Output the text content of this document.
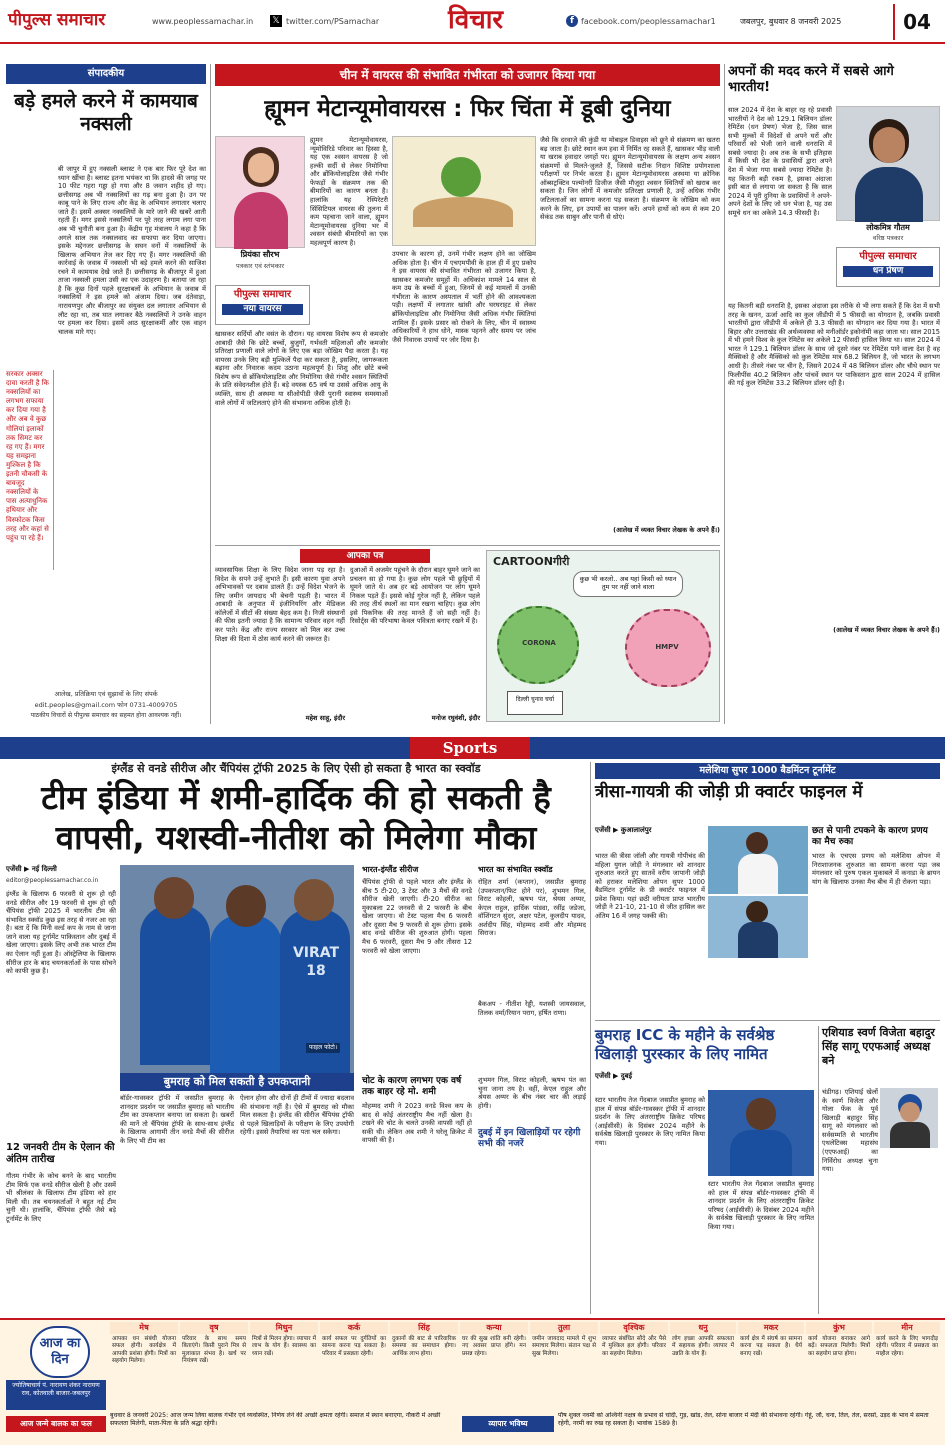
पीपुल्स समाचार	www.peoplessamachar.in 𝕏 twitter.com/PSamachar	विचार	f facebook.com/peoplessamachar1	जबलपुर, बुधवार 8 जनवरी 2025	04
संपादकीय
बड़े हमले करने में कामयाब नक्सली
बी जापुर में हुए नक्सली ब्लास्ट ने एक बार फिर पूरे देश का ध्यान खींचा है। ब्लास्ट इतना भयंकर था कि हादसे की जगह पर 10 फीट गहरा गड्ढा हो गया और 8 जवान शहीद हो गए। छत्तीसगढ़ अब भी नक्सलियों का गढ़ बना हुआ है। उन पर काबू पाने के लिए राज्य और केंद्र के अभियान लगातार चलाए जाते हैं। इसमें अक्सर नक्सलियों के मारे जाने की खबरें आती रहती हैं। मगर इससे नक्सलियों पर पूरे तरह लगाम लगा पाना अब भी चुनौती बना हुआ है। केंद्रीय गृह मंत्रालय ने कहा है कि अगले साल तक नक्सलवाद का सफाया कर दिया जाएगा। इसके मद्देनजर छत्तीसगढ़ के सघन वनों में नक्सलियों के खिलाफ अभियान तेज कर दिए गए हैं। मगर नक्सलियों की कार्रवाई के जवाब में नक्सली भी बड़े हमले करने की साजिश रचने में कामयाब देखे जाते हैं। छत्तीसगढ़ के बीजापुर में हुआ ताजा नक्सली हमला उसी का एक उदाहरण है। बताया जा रहा है कि कुछ दिनों पहले सुरक्षाबलों के अभियान के जवाब में नक्सलियों ने इस हमले को अंजाम दिया। जब दंतेवाड़ा, नारायणपुर और बीजापुर का संयुक्त दल लगातार अभियान से लौट रहा था, तब घात लगाकर बैठे नक्सलियों ने उनके वाहन पर हमला कर दिया। इसमें आठ सुरक्षाकर्मी और एक वाहन चालक मारे गए।
सरकार अक्सर दावा करती है कि नक्सलियों का लगभग सफाया कर दिया गया है और अब वे कुछ गोलियां इलाकों तक सिमट कर रह गए हैं। मगर यह समझना मुश्किल है कि इतनी चौकसी के बावजूद नक्सलियों के पास अत्याधुनिक हथियार और विस्फोटक किस तरह और कहां से पहुंच पा रहे हैं।
आलेख, प्रतिक्रिया एवं सुझावों के लिए संपर्क
edit.peoples@gmail.com फोन 0731-4009705
पाठकीय विचारों से पीपुल्स समाचार का सहमत होना आवश्यक नहीं।
चीन में वायरस की संभावित गंभीरता को उजागर किया गया
ह्यूमन मेटान्यूमोवायरस : फिर चिंता में डूबी दुनिया
प्रियंका सौरभ
पत्रकार एवं स्तंभकार
ह्यूमन मेटान्यूमोवायरस, न्यूमोविरिडे परिवार का हिस्सा है, यह एक श्वसन वायरस है जो हल्की सर्दी से लेकर निमोनिया और ब्रोंकियोलाइटिस जैसे गंभीर फेफड़ों के संक्रमण तक की बीमारियों का कारण बनता है। हालांकि यह रेस्पिरेटरी सिंसिटियल वायरस की तुलना में कम पहचाना जाने वाला, ह्यूमन मेटान्यूमोवायरस दुनिया भर में श्वसन संबंधी बीमारियों का एक महत्वपूर्ण कारण है।
पीपुल्स समाचार
नया वायरस
खासकर सर्दियों और वसंत के दौरान। यह वायरस विशेष रूप से कमजोर आबादी जैसे कि छोटे बच्चों, बुजुर्गों, गर्भवती महिलाओं और कमजोर प्रतिरक्षा प्रणाली वाले लोगों के लिए एक बड़ा जोखिम पैदा करता है। यह वायरस उनके लिए बड़ी मुश्किलें पैदा कर सकता है, इसलिए, जागरूकता बढ़ाना और निवारक कदम उठाना महत्वपूर्ण है। शिशु और छोटे बच्चे विशेष रूप से ब्रोंकियोलाइटिस और निमोनिया जैसे गंभीर श्वसन स्थितियों के प्रति संवेदनशील होते हैं। बड़े वयस्क 65 वर्ष या उससे अधिक आयु के व्यक्ति, साथ ही अस्थमा या सीओपीडी जैसी पुरानी स्वास्थ्य समस्याओं वाले लोगों में जटिलताएं होने की संभावना अधिक होती है।
उपचार के कारण हो, उनमें गंभीर लक्षण होने का जोखिम अधिक होता है। चीन में एचएमपीवी के हाल ही में हुए प्रकोप ने इस वायरस की संभावित गंभीरता को उजागर किया है, खासकर कमजोर समूहों में। अधिकांश मामले 14 साल से कम उम्र के बच्चों में हुआ, जिनमें से कई मामलों में उनकी गंभीरता के कारण अस्पताल में भर्ती होने की आवश्यकता पड़ी। लक्षणों में लगातार खांसी और घरघराहट से लेकर ब्रोंकियोलाइटिस और निमोनिया जैसी अधिक गंभीर स्थितियां शामिल हैं। इसके प्रसार को रोकने के लिए, चीन में स्वास्थ्य अधिकारियों ने हाथ धोने, मास्क पहनने और समय पर जांच जैसे निवारक उपायों पर जोर दिया है।
जैसे कि दरवाजे की कुंडी या मोबाइल डिवाइस को छूने से संक्रमण का खतरा बढ़ जाता है। छोटे स्थान कम हवा में निर्मित रह सकते हैं, खासकर भीड़ वाली या खराब हवादार जगहों पर। ह्यूमन मेटान्यूमोवायरस के लक्षण अन्य श्वसन संक्रमणों से मिलते-जुलते हैं, जिससे सटीक निदान विशिष्ट प्रयोगशाला परीक्षणों पर निर्भर करता है। ह्यूमन मेटान्यूमोवायरस अस्थमा या क्रोनिक ऑब्सट्रक्टिव पल्मोनरी डिजीज जैसी मौजूदा श्वसन स्थितियों को खराब कर सकता है। जिन लोगों में कमजोर प्रतिरक्षा प्रणाली है, उन्हें अधिक गंभीर जटिलताओं का सामना करना पड़ सकता है। संक्रमण के जोखिम को कम करने के लिए, इन उपायों का पालन करें। अपने हाथों को कम से कम 20 सेकंड तक साबुन और पानी से धोएं।
(आलेख में व्यक्त विचार लेखक के अपने हैं।)
अपनों की मदद करने में सबसे आगे भारतीय!
साल 2024 में देश के बाहर रह रहे प्रवासी भारतीयों ने देश को 129.1 बिलियन डॉलर रेमिटेंस (धन प्रेषण) भेजा है, जिस साल सभी मुल्कों में विदेशों से अपने घरों और परिवारों को भेजी जाने वाली धनराशि में सबसे ज्यादा है। अब तक के सभी इतिहास में किसी भी देश के प्रवासियों द्वारा अपने देश में भेजा गया सबसे ज्यादा रेमिटेंस है। यह कितनी बड़ी रकम है, इसका अंदाजा इसी बात से लगाया जा सकता है कि साल 2024 में पूरी दुनिया के प्रवासियों ने अपने-अपने देशों के लिए जो धन भेजा है, यह उस समूचे धन का अकेले 14.3 फीसदी है।
लोकमित्र गौतम
वरिष्ठ पत्रकार
पीपुल्स समाचार
धन प्रेषण
यह कितनी बड़ी धनराशि है, इसका अंदाजा इस तरीके से भी लगा सकते हैं कि देश में सभी तरह के खनन, ऊर्जा आदि का कुल जीडीपी में 5 फीसदी का योगदान है, जबकि प्रवासी भारतीयों द्वारा जीडीपी में अकेले ही 3.3 फीसदी का योगदान कर दिया गया है। भारत में बिहार और उत्तराखंड की अर्थव्यवस्था को मनीऑर्डर इकोनॉमी कहा जाता था। साल 2015 में भी हमने विश्व के कुल रेमिटेंस का अकेले 12 फीसदी हासिल किया था। साल 2024 में भारत ने 129.1 बिलियन डॉलर के साथ जो दूसरे नंबर पर रेमिटेंस पाने वाला देश है वह मैक्सिको है और मैक्सिको को कुल रेमिटेंस मात्र 68.2 बिलियन है, जो भारत के लगभग आधी है। तीसरे नंबर पर चीन है, जिसने 2024 में 48 बिलियन डॉलर और चौथे स्थान पर फिलीपींस 40.2 बिलियन और पांचवें स्थान पर पाकिस्तान द्वारा साल 2024 में हासिल की गई कुल रेमिटेंस 33.2 बिलियन डॉलर रही है।
(आलेख में व्यक्त विचार लेखक के अपने हैं।)
आपका पत्र
व्यावसायिक शिक्षा के लिए विदेश जाना पड़ रहा है। विदेश के सपने उन्हें लुभाते हैं। इसी कारण युवा अपने अभिभावकों पर दबाव डालते हैं। उन्हें विदेश भेजने के लिए जमीन जायदाद भी बेचनी पड़ती है। भारत में आबादी के अनुपात में इंजीनियरिंग और मेडिकल कॉलेजों में सीटों की संख्या बेहद कम है। निजी संस्थानों की फीस इतनी ज्यादा है कि सामान्य परिवार वहन नहीं कर पाते। केंद्र और राज्य सरकार को मिल कर उच्च शिक्षा की दिशा में ठोस कार्य करने की जरूरत है।
महेश साहू, इंदौर
दुआओं में अजमेर पहुंचने के दौरान बाहर घूमने जाने का प्रचलन सा हो गया है। कुछ लोग पहले भी छुट्टियों में घूमने जाते थे। अब हर बड़े आयोजन पर लोग घूमने निकल पड़ते हैं। इससे कोई गुरेज नहीं है, लेकिन पहले की तरह तीर्थ स्थलों का मान रखना चाहिए। कुछ लोग इसे पिकनिक की तरह मानते हैं जो सही नहीं है। रिसोर्ट्स की परिभाषा केवल पवित्रता बनाए रखने में है।
मनोज रघुवंशी, इंदौर
CARTOONगीरी
कुछ भी करलो.. अब यहां किसी को ध्यान तुम पर नहीं जाने वाला
CORONA	HMPV
दिल्ली चुनाव चर्चा
Sports
इंग्लैंड से वनडे सीरीज और चैंपियंस ट्रॉफी 2025 के लिए ऐसी हो सकता है भारत का स्क्वॉड
टीम इंडिया में शमी-हार्दिक की हो सकती है वापसी, यशस्वी-नीतीश को मिलेगा मौका
एजेंसी ▶ नई दिल्ली
editor@peoplessamachar.co.in
इंग्लैंड के खिलाफ 6 फरवरी से शुरू हो रही वनडे सीरीज और 19 फरवरी से शुरू हो रही चैंपियंस ट्रॉफी 2025 में भारतीय टीम की संभावित स्क्वॉड कुछ इस तरह से नजर आ रहा है। बता दें कि मिनी वर्ल्ड कप के नाम से जाना जाने वाला यह टूर्नामेंट पाकिस्तान और दुबई में खेला जाएगा। इसके लिए अभी तक भारत टीम का ऐलान नहीं हुआ है। ऑस्ट्रेलिया के खिलाफ सीरीज हार के बाद चयनकर्ताओं के पास सोचने को काफी कुछ है।
12 जनवरी टीम के ऐलान की अंतिम तारीख
गौतम गंभीर के कोच बनने के बाद भारतीय टीम सिर्फ एक वनडे सीरीज खेली है और उसमें भी श्रीलंका के खिलाफ टीम इंडिया को हार मिली थी। तब चयनकर्ताओं ने बहुत नई टीम चुनी थी। हालांकि, चैंपियंस ट्रॉफी जैसे बड़े टूर्नामेंट के लिए
VIRAT 18
फाइल फोटो।
बुमराह को मिल सकती है उपकप्तानी
बॉर्डर-गावस्कर ट्रॉफी में जसप्रीत बुमराह के शानदार प्रदर्शन पर जसप्रीत बुमराह को भारतीय टीम का उपकप्तान बनाया जा सकता है। खबरों की मानें तो चैंपियंस ट्रॉफी के साथ-साथ इंग्लैंड के खिलाफ आगामी तीन वनडे मैचों की सीरीज के लिए भी टीम का
ऐलान होना और दोनों ही टीमों में ज्यादा बदलाव की संभावना नहीं है। ऐसे में बुमराह को मौका मिल सकता है। इंग्लैंड की सीरीज चैंपियंस ट्रॉफी से पहले खिलाड़ियों के परीक्षण के लिए उपयोगी रहेगी। इससे तैयारियां का पता चल सकेगा।
भारत-इंग्लैंड सीरीज
चैंपियंस ट्रॉफी से पहले भारत और इंग्लैंड के बीच 5 टी-20, 3 टेस्ट और 3 मैचों की वनडे सीरीज खेली जाएगी। टी-20 सीरीज का मुकाबला 22 जनवरी से 2 फरवरी के बीच खेला जाएगा। वो टेस्ट पहला मैच 6 फरवरी और दूसरा मैच 9 फरवरी से शुरू होगा। इसके बाद वनडे सीरीज की शुरुआत होगी। पहला मैच 6 फरवरी, दूसरा मैच 9 और तीसरा 12 फरवरी को खेला जाएगा।
भारत का संभावित स्क्वॉड
रोहित शर्मा (कप्तान), जसप्रीत बुमराह (उपकप्तान/फिट होने पर), शुभमन गिल, विराट कोहली, ऋषभ पंत, श्रेयस अय्यर, केएल राहुल, हार्दिक पांड्या, रवींद्र जडेजा, वॉशिंगटन सुंदर, अक्षर पटेल, कुलदीप यादव, अर्शदीप सिंह, मोहम्मद शमी और मोहम्मद सिराज।
बैकअप - नीतीश रेड्डी, यशस्वी जायसवाल, तिलक वर्मा/रियान पराग, हर्षित राणा।
चोट के कारण लगभग एक वर्ष तक बाहर रहे मो. शमी
मोहम्मद शमी ने 2023 वनडे विश्व कप के बाद से कोई अंतरराष्ट्रीय मैच नहीं खेला है। टखने की चोट के चलते उनकी वापसी नहीं हो सकी थी। लेकिन अब शमी ने घरेलू क्रिकेट में वापसी की है।
शुभमन गिल, विराट कोहली, ऋषभ पंत का चुना जाना तय है। वहीं, केएल राहुल और श्रेयस अय्यर के बीच नंबर चार की लड़ाई होगी।
दुबई में इन खिलाड़ियों पर रहेगी सभी की नजरें
मलेशिया सुपर 1000 बैडमिंटन टूर्नामेंट
त्रीसा-गायत्री की जोड़ी प्री क्वार्टर फाइनल में
एजेंसी ▶ कुआलालंपुर
भारत की त्रीसा जॉली और गायत्री गोपीचंद की महिला युगल जोड़ी ने मंगलवार को शानदार शुरुआत करते हुए सातवें वरीय जापानी जोड़ी को हराकर मलेशिया ओपन सुपर 1000 बैडमिंटन टूर्नामेंट के प्री क्वार्टर फाइनल में प्रवेश किया। यहां छठी वरीयता प्राप्त भारतीय जोड़ी ने 21-10, 21-10 से जीत हासिल कर अंतिम 16 में जगह पक्की की।
छत से पानी टपकने के कारण प्रणय का मैच रुका
भारत के एचएस प्रणय को मलेशिया ओपन में निराशाजनक शुरुआत का सामना करना पड़ा जब मंगलवार को पुरुष एकल मुकाबले में कनाडा के ब्रायन यांग के खिलाफ उनका मैच बीच में ही रोकना पड़ा।
बुमराह ICC के महीने के सर्वश्रेष्ठ खिलाड़ी पुरस्कार के लिए नामित
एजेंसी ▶ दुबई
स्टार भारतीय तेज गेंदबाज जसप्रीत बुमराह को हाल में संपन्न बॉर्डर-गावस्कर ट्रॉफी में शानदार प्रदर्शन के लिए अंतरराष्ट्रीय क्रिकेट परिषद (आईसीसी) के दिसंबर 2024 महीने के सर्वश्रेष्ठ खिलाड़ी पुरस्कार के लिए नामित किया गया।
स्टार भारतीय तेज गेंदबाज जसप्रीत बुमराह को हाल में संपन्न बॉर्डर-गावस्कर ट्रॉफी में शानदार प्रदर्शन के लिए अंतरराष्ट्रीय क्रिकेट परिषद (आईसीसी) के दिसंबर 2024 महीने के सर्वश्रेष्ठ खिलाड़ी पुरस्कार के लिए नामित किया गया।
एशियाड स्वर्ण विजेता बहादुर सिंह सागू एएफआई अध्यक्ष बने
चंडीगढ़। एशियाई खेलों के स्वर्ण विजेता और गोला फेंक के पूर्व खिलाड़ी बहादुर सिंह सागू को मंगलवार को सर्वसम्मति से भारतीय एथलेटिक्स महासंघ (एएफआई) का निर्विरोध अध्यक्ष चुना गया।
आज का दिन
ज्योतिषाचार्य पं. नारायण शंकर नारायण राव, कोतवाली बाजार-जबलपुर
मेष
आपका धन संबंधी योजना सफल होगी। कार्यक्षेत्र में आपकी प्रशंसा होगी। मित्रों का सहयोग मिलेगा।
वृष
परिवार के साथ समय बिताएंगे। किसी पुराने मित्र से मुलाकात संभव है। खर्च पर नियंत्रण रखें।
मिथुन
मित्रों से मिलन होगा। व्यापार में लाभ के योग हैं। स्वास्थ्य का ध्यान रखें।
कर्क
कार्य सफल पर दुर्गतियों का सामना करना पड़ सकता है। परिवार में प्रसन्नता रहेगी।
सिंह
दुकानों की बाट से पारिवारिक समस्या का समाधान होगा। आर्थिक लाभ होगा।
कन्या
घर की सुख शांति बनी रहेगी। नए अवसर प्राप्त होंगे। मन प्रसन्न रहेगा।
तुला
जमीन जायदाद मामले में शुभ समाचार मिलेगा। संतान पक्ष से सुख मिलेगा।
वृश्चिक
व्यापार संबंधित सौदे और पैसे में मुश्किल हल होगी। परिवार का सहयोग मिलेगा।
धनु
लोग इच्छा आपकी सफलता में सहायक होगी। व्यापार में उन्नति के योग हैं।
मकर
कार्य क्षेत्र में संघर्ष का सामना करना पड़ सकता है। धैर्य बनाए रखें।
कुंभ
कार्य योजना बनाकर आगे बढ़ें। सफलता मिलेगी। मित्रों का सहयोग प्राप्त होगा।
मीन
कार्य करने के लिए भागदौड़ रहेगी। परिवार में प्रसन्नता का माहौल रहेगा।
आज जन्मे बालक का फल
बुधवार 8 जनवरी 2025: आज जन्म लिया बालक गंभीर एवं व्यवस्थित, निर्णय लेने की अच्छी क्षमता रहेगी। समाज में स्थान बनाएगा, नौकरी में अच्छी सफलता मिलेगी, माता-पिता के प्रति श्रद्धा रहेगी।	व्यापार भविष्य
पौष शुक्ल नवमी को अश्विनी नक्षत्र के प्रभाव से चांदी, गुड़, खांड, तेल, सोना बाजार में मंदी की संभावना रहेगी। गेहूं, जौ, चना, तिल, तेल, सरसों, उड़द के भाव में समता रहेगी, नरमी का रुख रह सकता है। भावांक 1589 है।
